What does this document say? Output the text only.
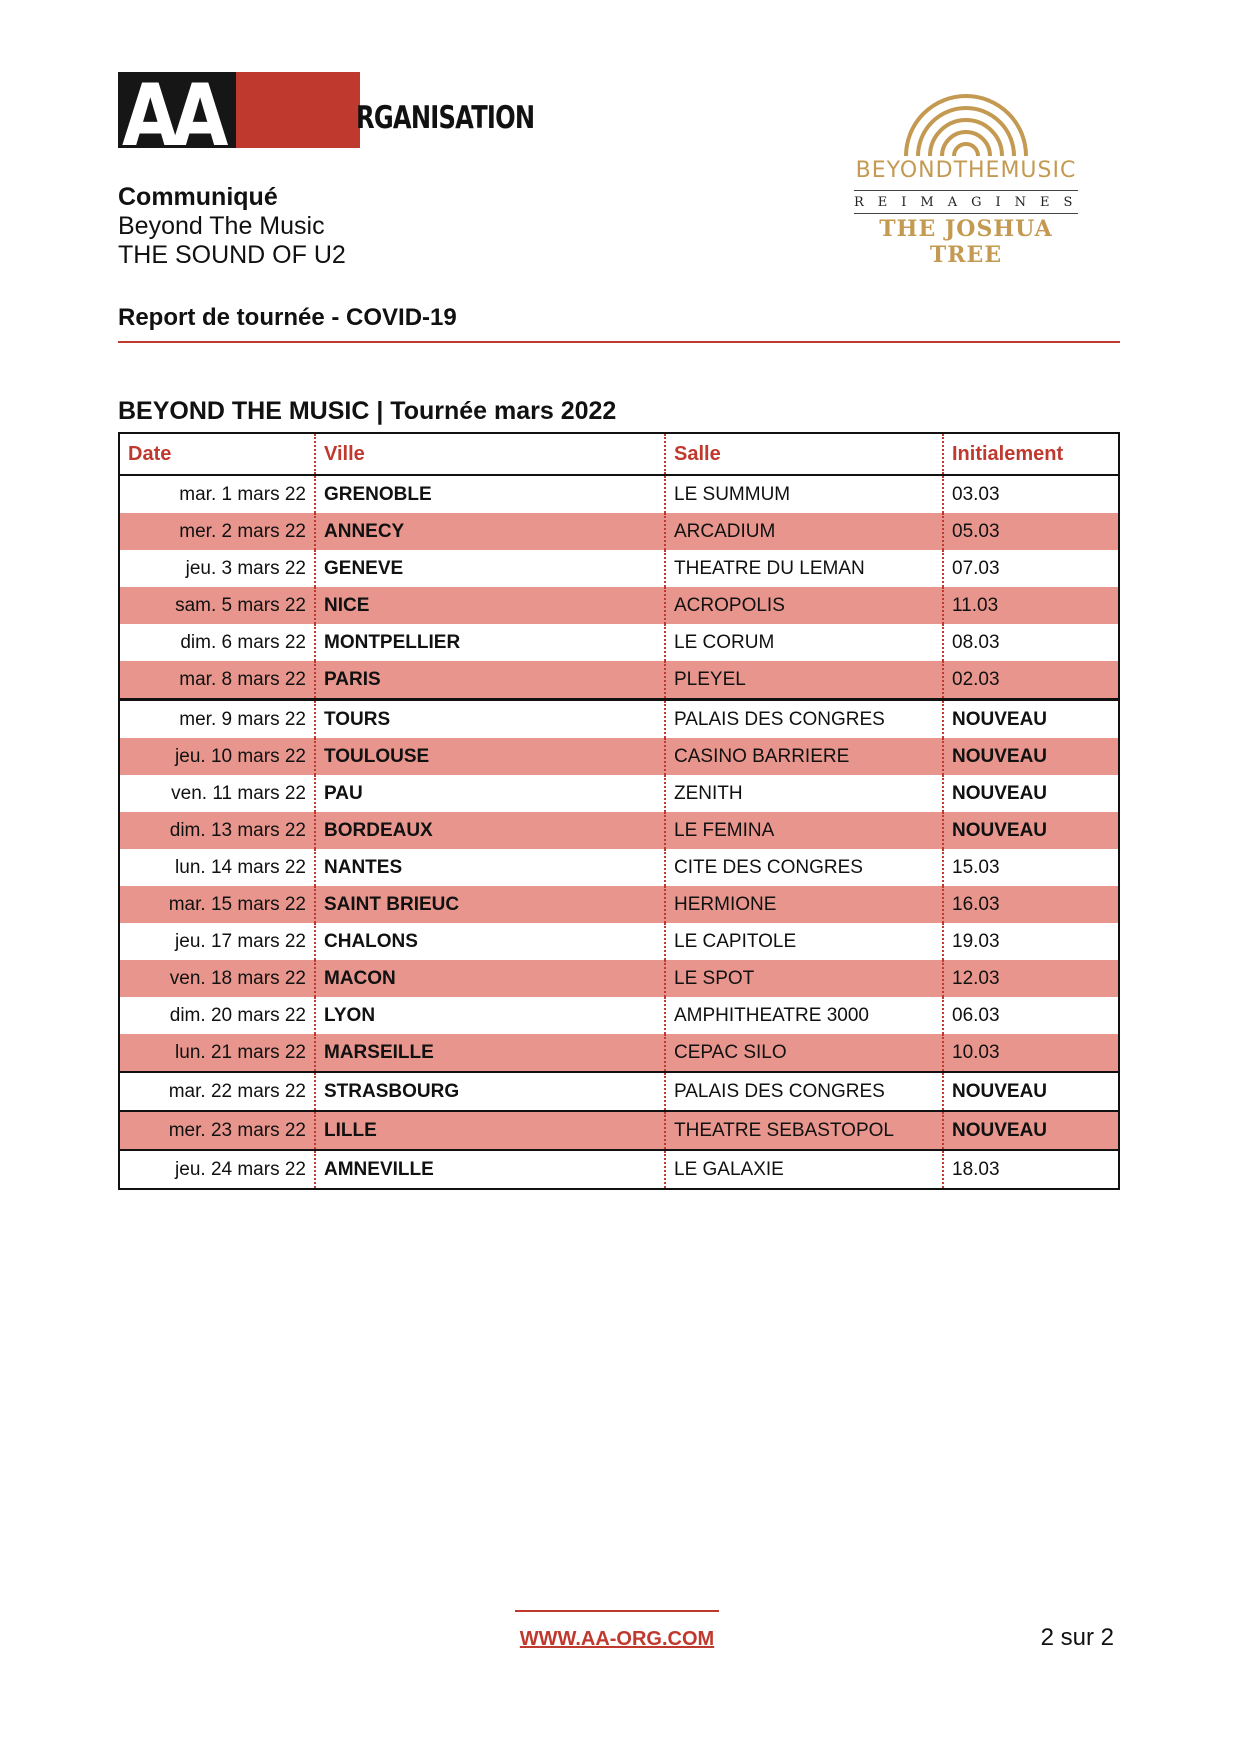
AA	RGANISATION
BEYONDTHEMUSIC
REIMAGINES
THE JOSHUA TREE
Communiqué
Beyond The Music
THE SOUND OF U2
Report de tournée - COVID-19
BEYOND THE MUSIC | Tournée mars 2022
Date	Ville	Salle	Initialement
mar. 1 mars 22	GRENOBLE	LE SUMMUM	03.03
mer. 2 mars 22	ANNECY	ARCADIUM	05.03
jeu. 3 mars 22	GENEVE	THEATRE DU LEMAN	07.03
sam. 5 mars 22	NICE	ACROPOLIS	11.03
dim. 6 mars 22	MONTPELLIER	LE CORUM	08.03
mar. 8 mars 22	PARIS	PLEYEL	02.03
mer. 9 mars 22	TOURS	PALAIS DES CONGRES	NOUVEAU
jeu. 10 mars 22	TOULOUSE	CASINO BARRIERE	NOUVEAU
ven. 11 mars 22	PAU	ZENITH	NOUVEAU
dim. 13 mars 22	BORDEAUX	LE FEMINA	NOUVEAU
lun. 14 mars 22	NANTES	CITE DES CONGRES	15.03
mar. 15 mars 22	SAINT BRIEUC	HERMIONE	16.03
jeu. 17 mars 22	CHALONS	LE CAPITOLE	19.03
ven. 18 mars 22	MACON	LE SPOT	12.03
dim. 20 mars 22	LYON	AMPHITHEATRE 3000	06.03
lun. 21 mars 22	MARSEILLE	CEPAC SILO	10.03
mar. 22 mars 22	STRASBOURG	PALAIS DES CONGRES	NOUVEAU
mer. 23 mars 22	LILLE	THEATRE SEBASTOPOL	NOUVEAU
jeu. 24 mars 22	AMNEVILLE	LE GALAXIE	18.03
WWW.AA-ORG.COM	2 sur 2
